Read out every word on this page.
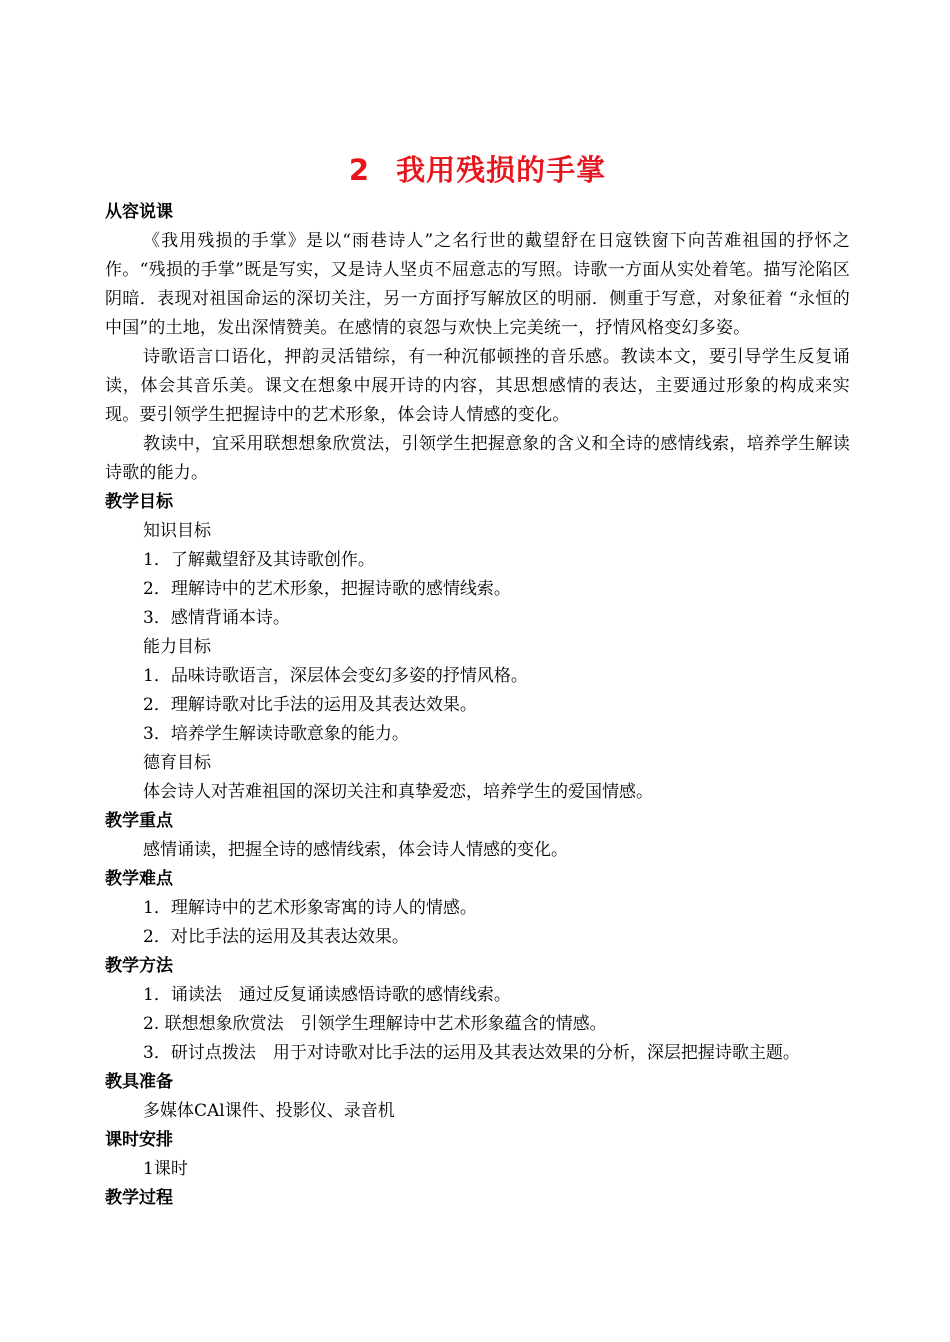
2 我用残损的手掌
从容说课

《我用残损的手掌》是以“雨巷诗人”之名行世的戴望舒在日寇铁窗下向苦难祖国的抒怀之作。“残损的手掌”既是写实，又是诗人坚贞不屈意志的写照。诗歌一方面从实处着笔。描写沦陷区阴暗．表现对祖国命运的深切关注，另一方面抒写解放区的明丽．侧重于写意，对象征着 “永恒的中国”的土地，发出深情赞美。在感情的哀怨与欢快上完美统一，抒情风格变幻多姿。

诗歌语言口语化，押韵灵活错综，有一种沉郁顿挫的音乐感。教读本文，要引导学生反复诵读，体会其音乐美。课文在想象中展开诗的内容，其思想感情的表达，主要通过形象的构成来实现。要引领学生把握诗中的艺术形象，体会诗人情感的变化。

教读中，宜采用联想想象欣赏法，引领学生把握意象的含义和全诗的感情线索，培养学生解读诗歌的能力。

教学目标
知识目标
1．了解戴望舒及其诗歌创作。
2．理解诗中的艺术形象，把握诗歌的感情线索。
3．感情背诵本诗。
能力目标
1．品味诗歌语言，深层体会变幻多姿的抒情风格。
2．理解诗歌对比手法的运用及其表达效果。
3．培养学生解读诗歌意象的能力。
德育目标
体会诗人对苦难祖国的深切关注和真挚爱恋，培养学生的爱国情感。
教学重点
感情诵读，把握全诗的感情线索，体会诗人情感的变化。
教学难点
1．理解诗中的艺术形象寄寓的诗人的情感。
2．对比手法的运用及其表达效果。
教学方法
1．诵读法　通过反复诵读感悟诗歌的感情线索。
2. 联想想象欣赏法　引领学生理解诗中艺术形象蕴含的情感。
3．研讨点拨法　用于对诗歌对比手法的运用及其表达效果的分析，深层把握诗歌主题。
教具准备
多媒体CAl课件、投影仪、录音机
课时安排
1课时
教学过程
